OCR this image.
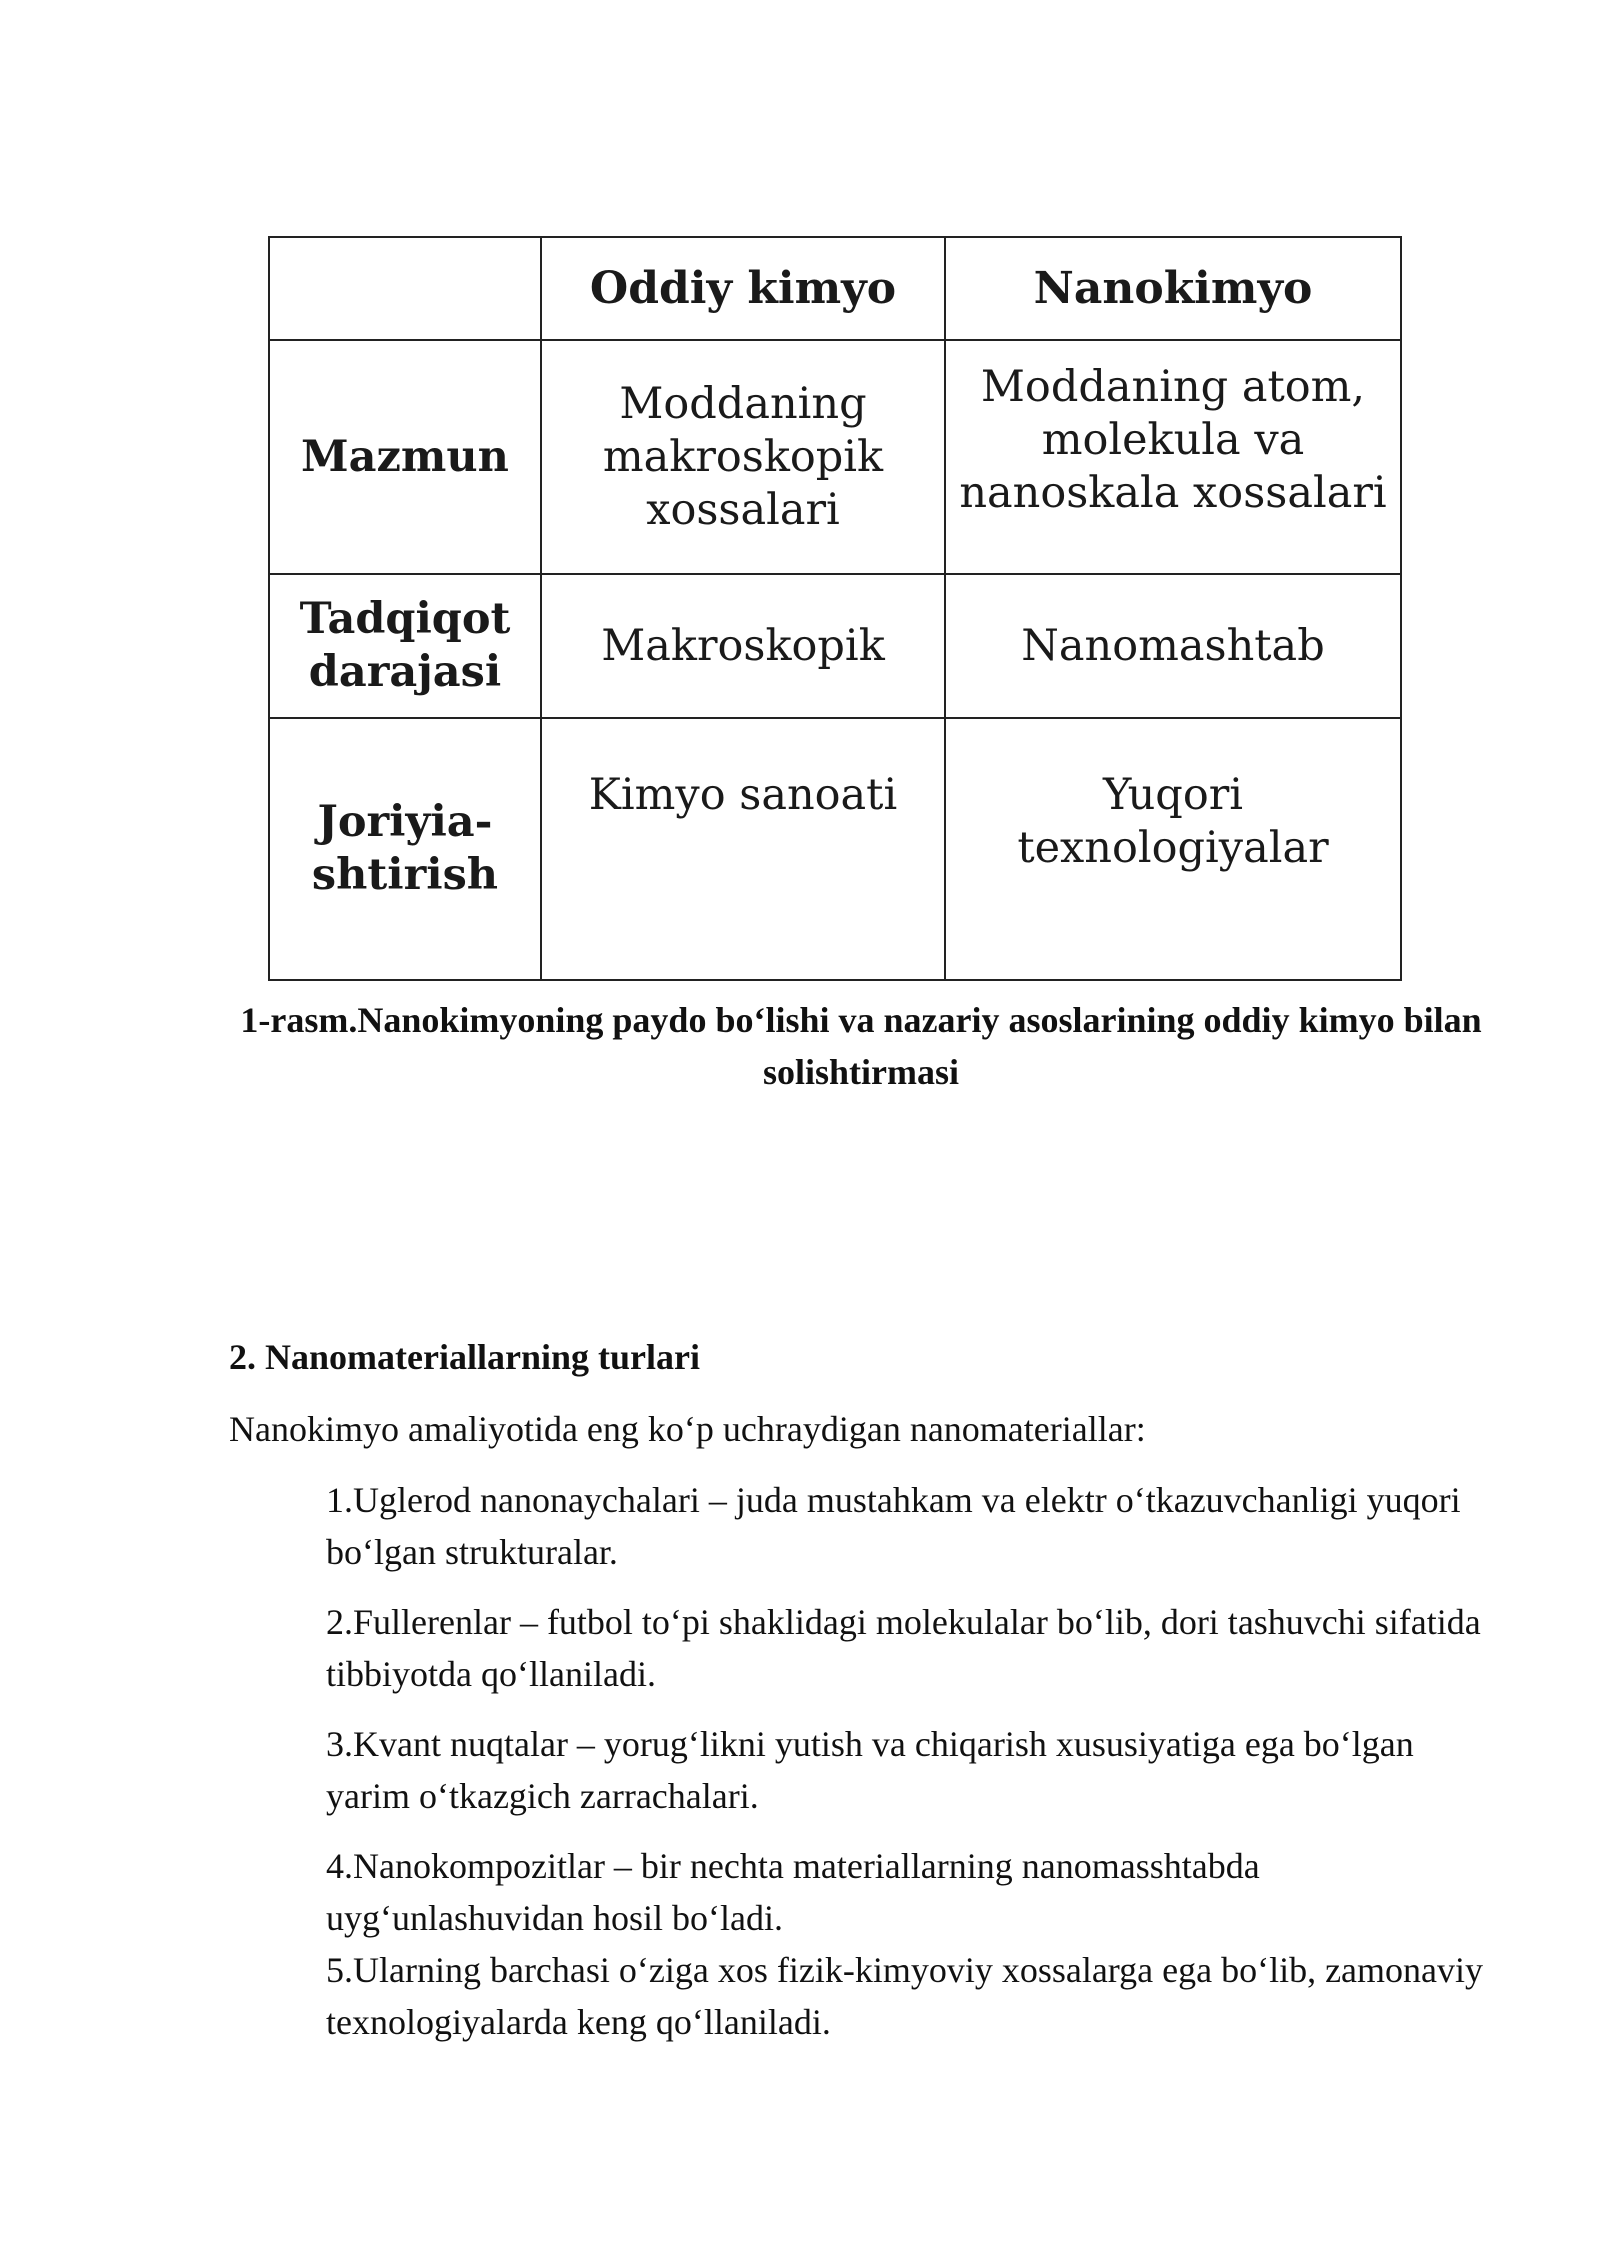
	Oddiy kimyo	Nanokimyo
Mazmun	Moddaning makroskopik xossalari	Moddaning atom, molekula va nanoskala xossalari
Tadqiqot darajasi	Makroskopik	Nanomashtab
Joriyia-shtirish	Kimyo sanoati	Yuqori texnologiyalar
1-rasm.Nanokimyoning paydo bo‘lishi va nazariy asoslarining oddiy kimyo bilan solishtirmasi
2. Nanomateriallarning turlari

Nanokimyo amaliyotida eng ko‘p uchraydigan nanomateriallar:

1.Uglerod nanonaychalari – juda mustahkam va elektr o‘tkazuvchanligi yuqori bo‘lgan strukturalar.
2.Fullerenlar – futbol to‘pi shaklidagi molekulalar bo‘lib, dori tashuvchi sifatida tibbiyotda qo‘llaniladi.
3.Kvant nuqtalar – yorug‘likni yutish va chiqarish xususiyatiga ega bo‘lgan yarim o‘tkazgich zarrachalari.
4.Nanokompozitlar – bir nechta materiallarning nanomasshtabda uyg‘unlashuvidan hosil bo‘ladi.
5.Ularning barchasi o‘ziga xos fizik-kimyoviy xossalarga ega bo‘lib, zamonaviy texnologiyalarda keng qo‘llaniladi.
